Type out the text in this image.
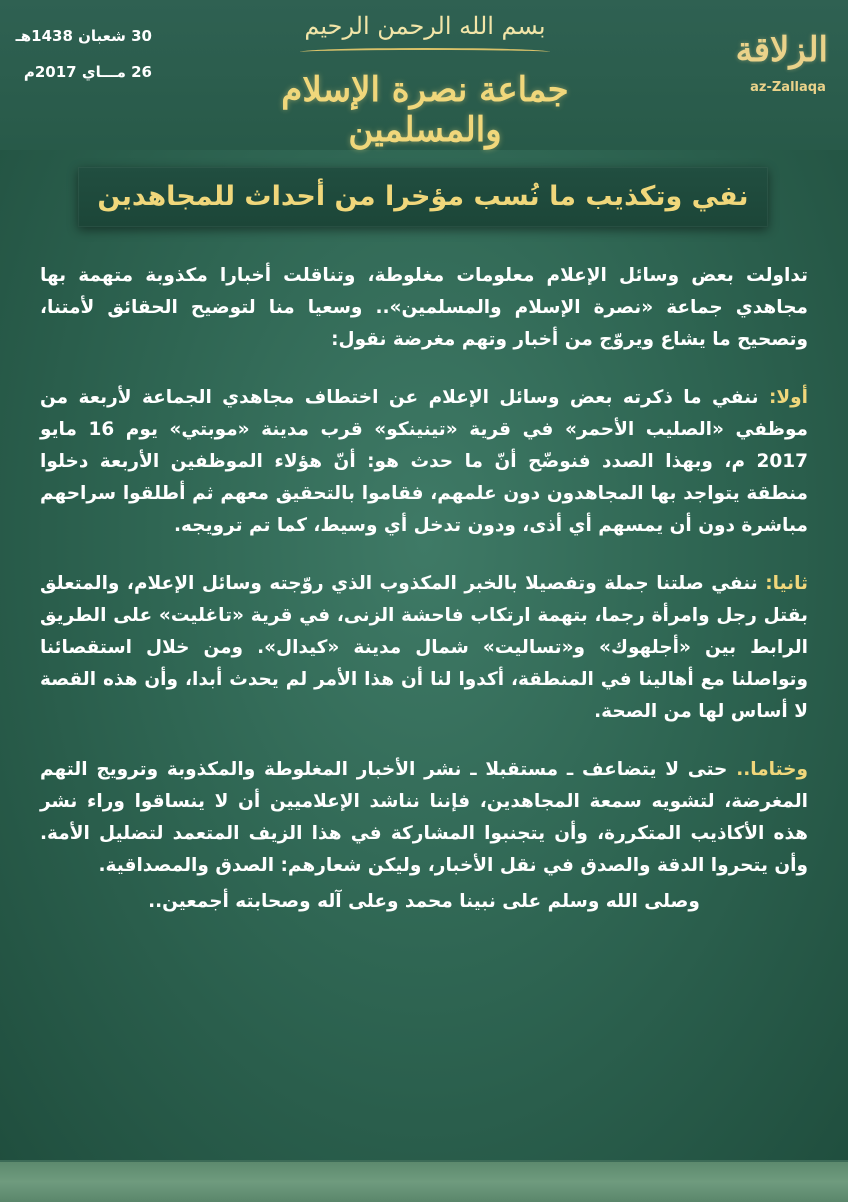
30 شعبان 1438هـ
26 مـــاي 2017م
بسم الله الرحمن الرحيم
جماعة نصرة الإسلام والمسلمين
الزلاقة
az-Zallaqa
نفي وتكذيب ما نُسب مؤخرا من أحداث للمجاهدين

تداولت بعض وسائل الإعلام معلومات مغلوطة، وتناقلت أخبارا مكذوبة متهمة بها مجاهدي جماعة «نصرة الإسلام والمسلمين».. وسعيا منا لتوضيح الحقائق لأمتنا، وتصحيح ما يشاع ويروّج من أخبار وتهم مغرضة نقول:

أولا: ننفي ما ذكرته بعض وسائل الإعلام عن اختطاف مجاهدي الجماعة لأربعة من موظفي «الصليب الأحمر» في قرية «تينينكو» قرب مدينة «موبتي» يوم 16 مايو 2017 م، وبهذا الصدد فنوضّح أنّ ما حدث هو: أنّ هؤلاء الموظفين الأربعة دخلوا منطقة يتواجد بها المجاهدون دون علمهم، فقاموا بالتحقيق معهم ثم أطلقوا سراحهم مباشرة دون أن يمسهم أي أذى، ودون تدخل أي وسيط، كما تم ترويجه.

ثانيا: ننفي صلتنا جملة وتفصيلا بالخبر المكذوب الذي روّجته وسائل الإعلام، والمتعلق بقتل رجل وامرأة رجما، بتهمة ارتكاب فاحشة الزنى، في قرية «تاغليت» على الطريق الرابط بين «أجلهوك» و«تساليت» شمال مدينة «كيدال». ومن خلال استقصائنا وتواصلنا مع أهالينا في المنطقة، أكدوا لنا أن هذا الأمر لم يحدث أبدا، وأن هذه القصة لا أساس لها من الصحة.

وختاما.. حتى لا يتضاعف ـ مستقبلا ـ نشر الأخبار المغلوطة والمكذوبة وترويج التهم المغرضة، لتشويه سمعة المجاهدين، فإننا نناشد الإعلاميين أن لا ينساقوا وراء نشر هذه الأكاذيب المتكررة، وأن يتجنبوا المشاركة في هذا الزيف المتعمد لتضليل الأمة. وأن يتحروا الدقة والصدق في نقل الأخبار، وليكن شعارهم: الصدق والمصداقية.

وصلى الله وسلم على نبينا محمد وعلى آله وصحابته أجمعين..
